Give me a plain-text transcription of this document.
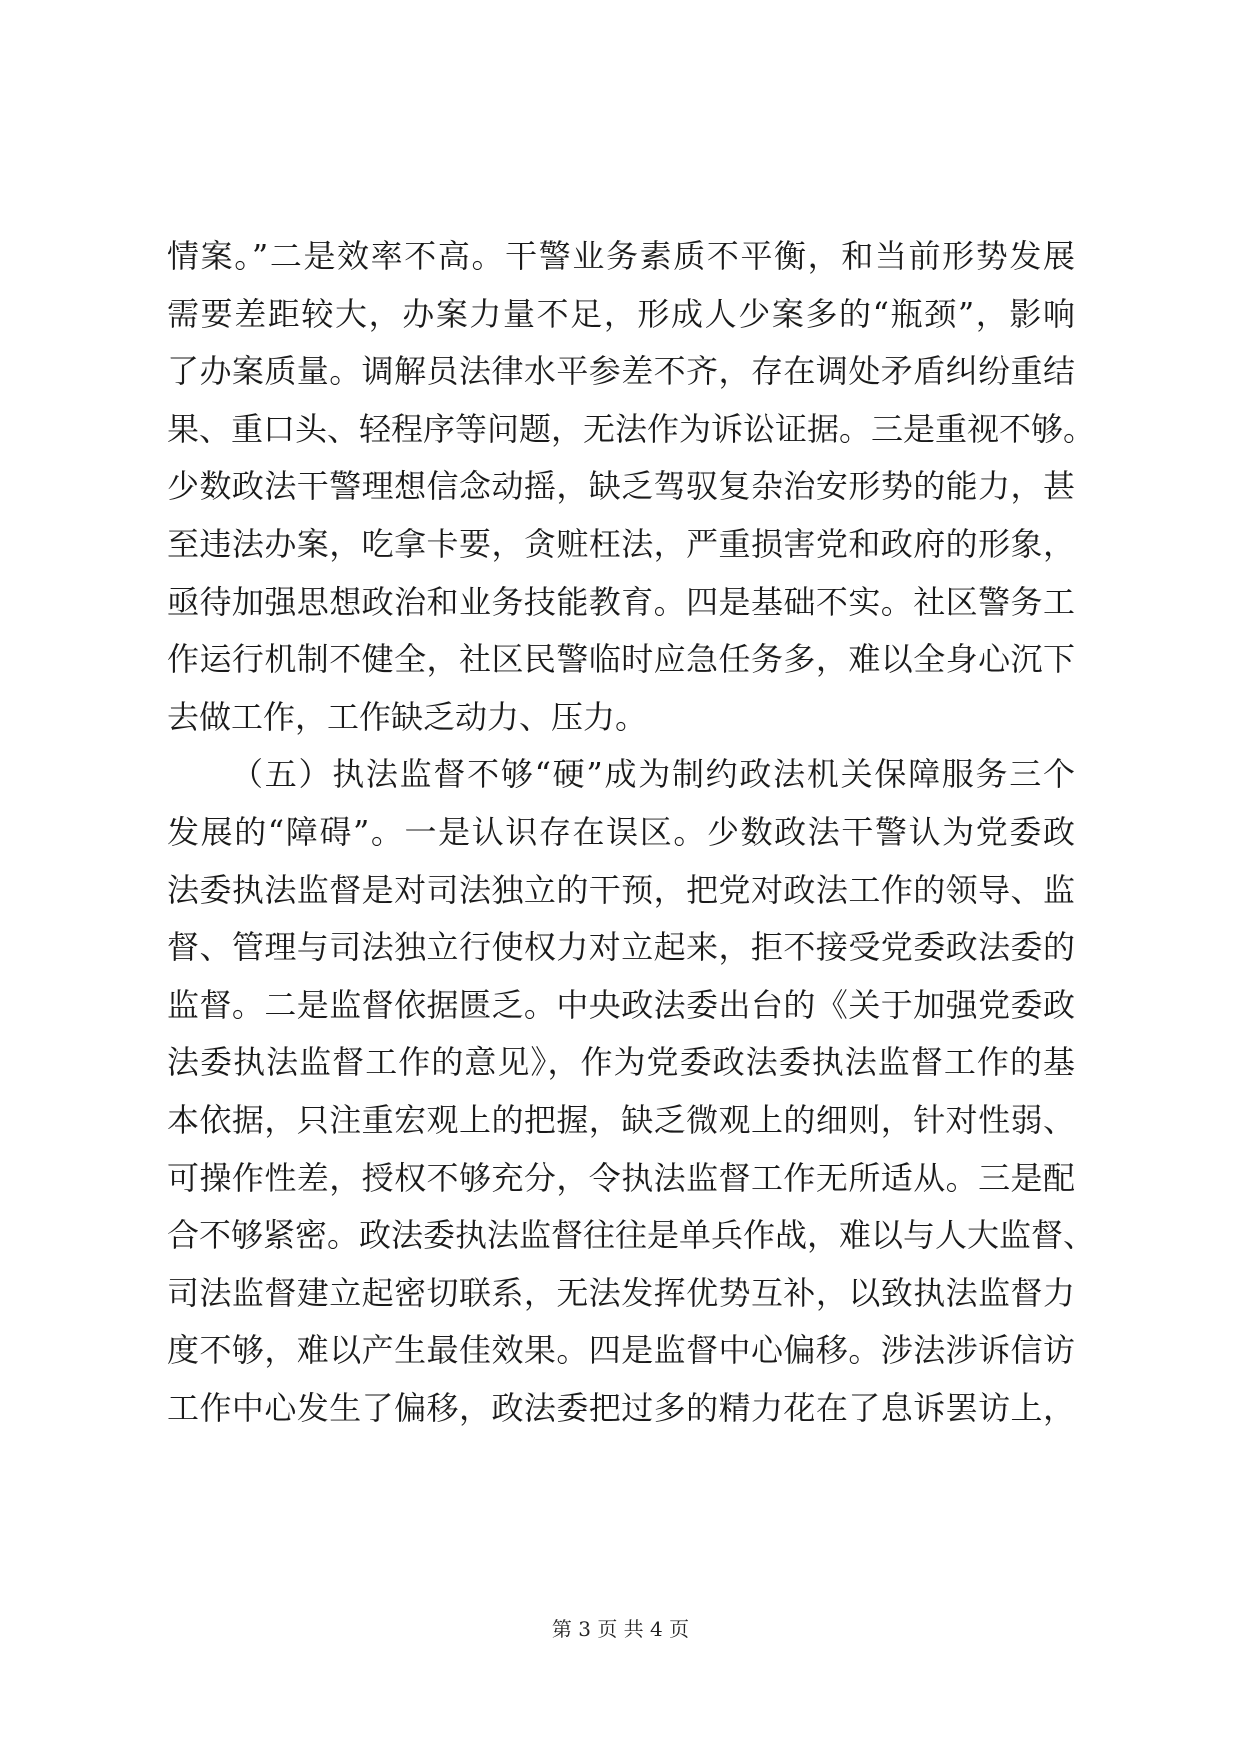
情案。”二是效率不高。干警业务素质不平衡，和当前形势发展
需要差距较大，办案力量不足，形成人少案多的“瓶颈”，影响
了办案质量。调解员法律水平参差不齐，存在调处矛盾纠纷重结
果、重口头、轻程序等问题，无法作为诉讼证据。三是重视不够。
少数政法干警理想信念动摇，缺乏驾驭复杂治安形势的能力，甚
至违法办案，吃拿卡要，贪赃枉法，严重损害党和政府的形象，
亟待加强思想政治和业务技能教育。四是基础不实。社区警务工
作运行机制不健全，社区民警临时应急任务多，难以全身心沉下
去做工作，工作缺乏动力、压力。
（五）执法监督不够“硬”成为制约政法机关保障服务三个
发展的“障碍”。一是认识存在误区。少数政法干警认为党委政
法委执法监督是对司法独立的干预，把党对政法工作的领导、监
督、管理与司法独立行使权力对立起来，拒不接受党委政法委的
监督。二是监督依据匮乏。中央政法委出台的《关于加强党委政
法委执法监督工作的意见》，作为党委政法委执法监督工作的基
本依据，只注重宏观上的把握，缺乏微观上的细则，针对性弱、
可操作性差，授权不够充分，令执法监督工作无所适从。三是配
合不够紧密。政法委执法监督往往是单兵作战，难以与人大监督、
司法监督建立起密切联系，无法发挥优势互补，以致执法监督力
度不够，难以产生最佳效果。四是监督中心偏移。涉法涉诉信访
工作中心发生了偏移，政法委把过多的精力花在了息诉罢访上，
第 3 页 共 4 页
